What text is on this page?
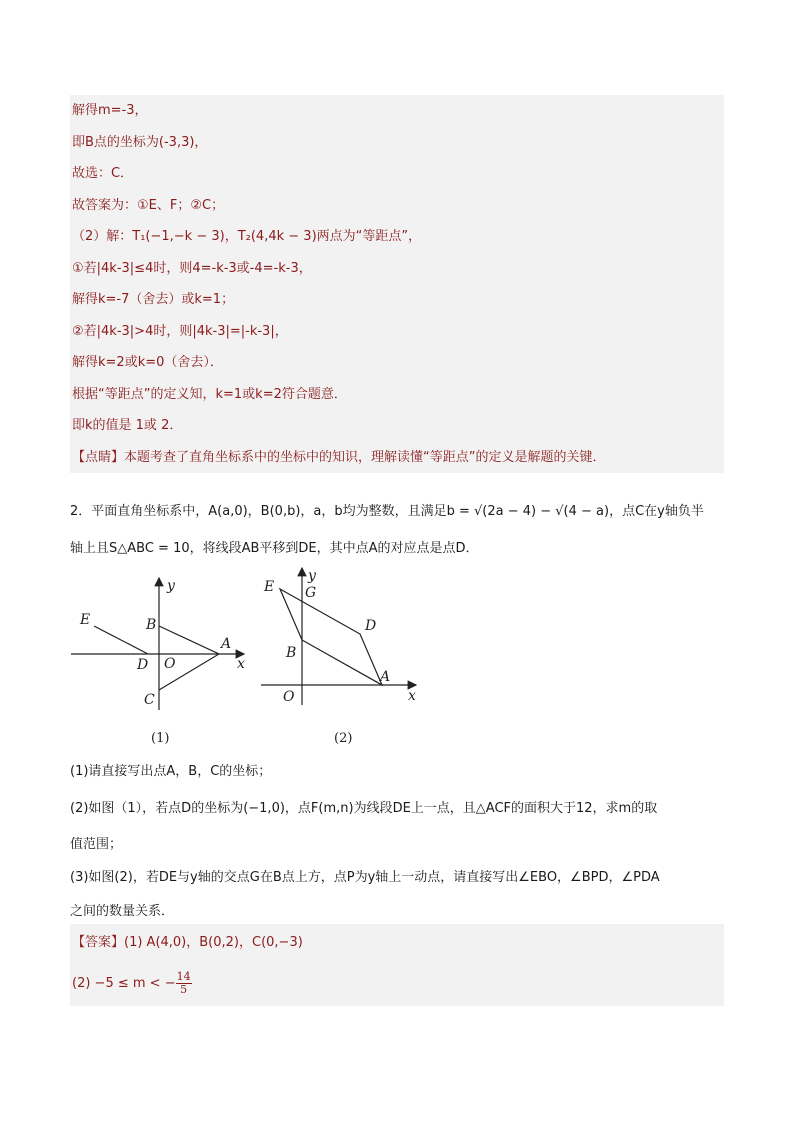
解得m=-3，
即B点的坐标为(-3,3)，
故选：C．
故答案为：①E、F；②C；
（2）解：T₁(−1,−k − 3)，T₂(4,4k − 3)两点为“等距点”，
①若|4k-3|≤4时，则4=-k-3或-4=-k-3，
解得k=-7（舍去）或k=1；
②若|4k-3|>4时，则|4k-3|=|-k-3|，
解得k=2或k=0（舍去）．
根据“等距点”的定义知，k=1或k=2符合题意．
即k的值是 1或 2．
【点睛】本题考查了直角坐标系中的坐标中的知识，理解读懂“等距点”的定义是解题的关键．
2．平面直角坐标系中，A(a,0)，B(0,b)，a，b均为整数，且满足b = √(2a − 4) − √(4 − a)，点C在y轴负半
轴上且S△ABC = 10，将线段AB平移到DE，其中点A的对应点是点D．
E	B
A
D O
C
x
y
(1)
E G
D
B
A
O	x
y
(2)
(1)请直接写出点A，B，C的坐标；
(2)如图（1），若点D的坐标为(−1,0)，点F(m,n)为线段DE上一点，且△ACF的面积大于12，求m的取
值范围；
(3)如图(2)，若DE与y轴的交点G在B点上方，点P为y轴上一动点，请直接写出∠EBO，∠BPD，∠PDA
之间的数量关系．
【答案】(1) A(4,0)，B(0,2)，C(0,−3)
(2) −5 ≤ m < − $\frac{14}{5}$
